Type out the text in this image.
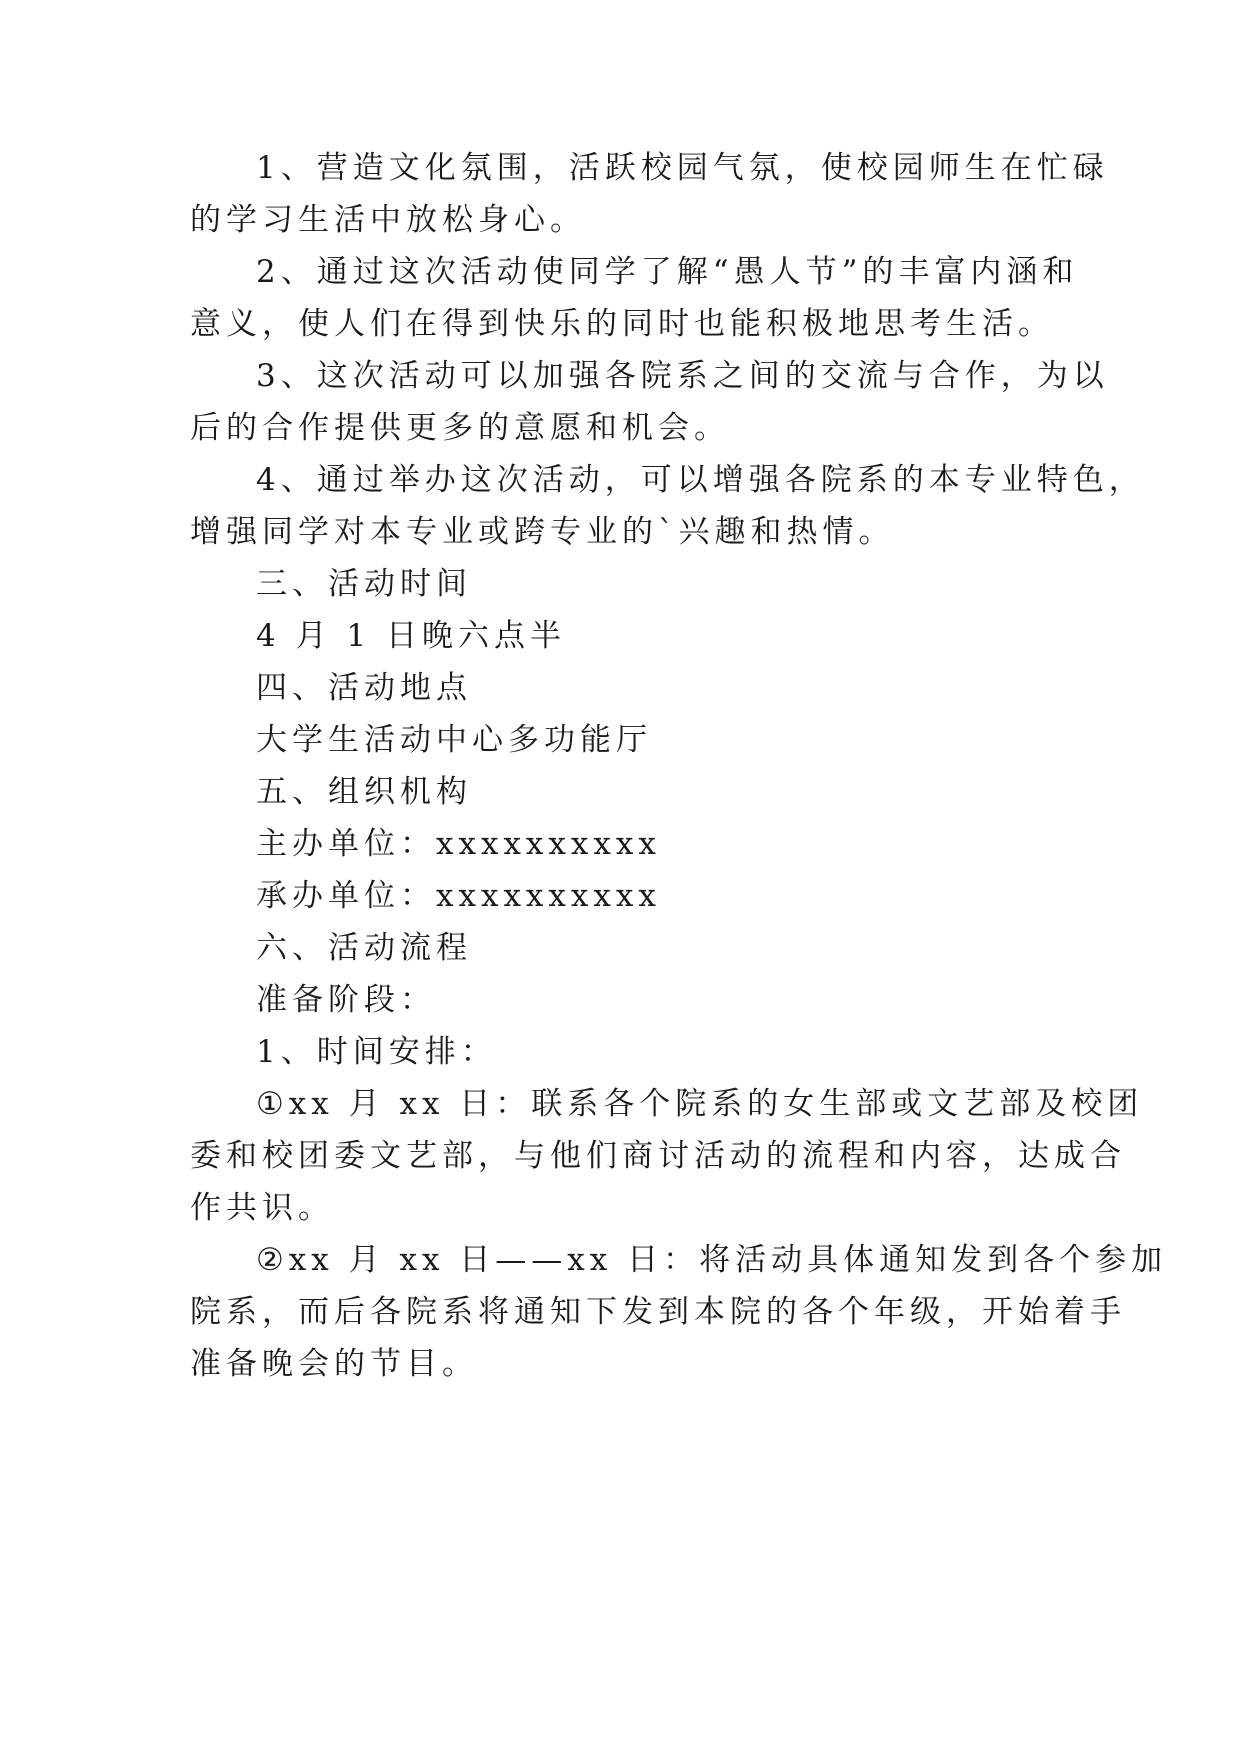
1、营造文化氛围，活跃校园气氛，使校园师生在忙碌
的学习生活中放松身心。
2、通过这次活动使同学了解“愚人节”的丰富内涵和
意义，使人们在得到快乐的同时也能积极地思考生活。
3、这次活动可以加强各院系之间的交流与合作，为以
后的合作提供更多的意愿和机会。
4、通过举办这次活动，可以增强各院系的本专业特色，
增强同学对本专业或跨专业的`兴趣和热情。
三、活动时间
4 月 1 日晚六点半
四、活动地点
大学生活动中心多功能厅
五、组织机构
主办单位：xxxxxxxxxx
承办单位：xxxxxxxxxx
六、活动流程
准备阶段：
1、时间安排：
①xx 月 xx 日：联系各个院系的女生部或文艺部及校团
委和校团委文艺部，与他们商讨活动的流程和内容，达成合
作共识。
②xx 月 xx 日——xx 日：将活动具体通知发到各个参加
院系，而后各院系将通知下发到本院的各个年级，开始着手
准备晚会的节目。
